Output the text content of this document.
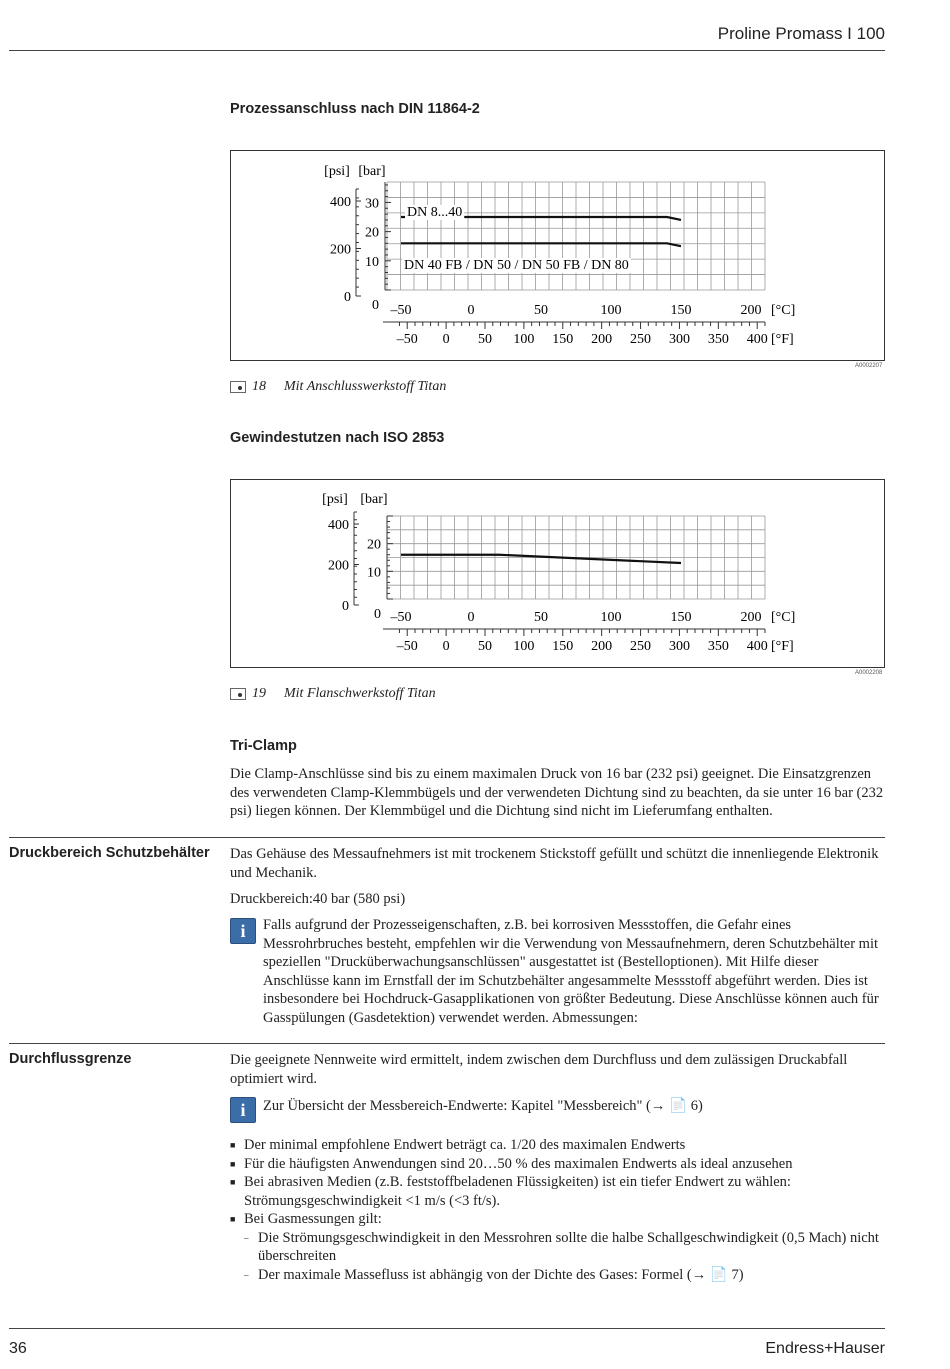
Proline Promass I 100
Prozessanschluss nach DIN 11864-2
[psi] [bar]
400
200
0
30
20
10
0 –50	0	50	100	150	200 [°C]
–50 0 50 100 150 200 250 300 350 400 [°F]
DN 8...40
DN 40 FB / DN 50 / DN 50 FB / DN 80
A0002207
18 Mit Anschlusswerkstoff Titan
Gewindestutzen nach ISO 2853
[psi] [bar]
400
200
0
20
10
0 –50	0	50	100	150	200 [°C]
–50 0 50 100 150 200 250 300 350 400 [°F]
A0002208
19 Mit Flanschwerkstoff Titan
Tri-Clamp
Die Clamp-Anschlüsse sind bis zu einem maximalen Druck von 16 bar (232 psi) geeignet. Die Einsatzgrenzen des verwendeten Clamp-Klemmbügels und der verwendeten Dichtung sind zu beachten, da sie unter 16 bar (232 psi) liegen können. Der Klemmbügel und die Dichtung sind nicht im Lieferumfang enthalten.
Druckbereich Schutzbehälter Das Gehäuse des Messaufnehmers ist mit trockenem Stickstoff gefüllt und schützt die innenliegende Elektronik und Mechanik.
Druckbereich:40 bar (580 psi)
i	Falls aufgrund der Prozesseigenschaften, z.B. bei korrosiven Messstoffen, die Gefahr eines Messrohrbruches besteht, empfehlen wir die Verwendung von Messaufnehmern, deren Schutzbehälter mit speziellen "Drucküberwachungsanschlüssen" ausgestattet ist (Bestelloptionen). Mit Hilfe dieser Anschlüsse kann im Ernstfall der im Schutzbehälter angesammelte Messstoff abgeführt werden. Dies ist insbesondere bei Hochdruck-Gasapplikationen von größter Bedeutung. Diese Anschlüsse können auch für Gasspülungen (Gasdetektion) verwendet werden. Abmessungen:
Durchflussgrenze	Die geeignete Nennweite wird ermittelt, indem zwischen dem Durchfluss und dem zulässigen Druckabfall optimiert wird.
i	Zur Übersicht der Messbereich-Endwerte: Kapitel "Messbereich" (→ 📄 6)
■ Der minimal empfohlene Endwert beträgt ca. 1/20 des maximalen Endwerts
■ Für die häufigsten Anwendungen sind 20…50 % des maximalen Endwerts als ideal anzusehen
■ Bei abrasiven Medien (z.B. feststoffbeladenen Flüssigkeiten) ist ein tiefer Endwert zu wählen: Strömungsgeschwindigkeit <1 m/s (<3 ft/s).
■ Bei Gasmessungen gilt:
– Die Strömungsgeschwindigkeit in den Messrohren sollte die halbe Schallgeschwindigkeit (0,5 Mach) nicht überschreiten
– Der maximale Massefluss ist abhängig von der Dichte des Gases: Formel (→ 📄 7)
36	Endress+Hauser
